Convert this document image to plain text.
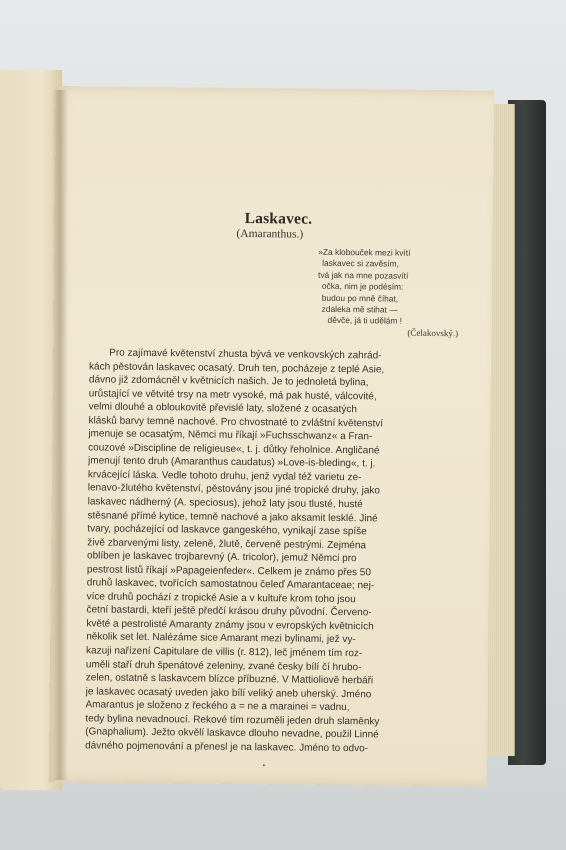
Laskavec.
(Amaranthus.)
»Za klobouček mezi kvítí
laskavec si zavěsím,
tvá jak na mne pozasvítí
očka, nim je podésím:
budou po mně číhat,
zdaleka mě stihat —
děvče, já ti udělám !
(Čelakovský.)
Pro zajímavé květenství zhusta bývá ve venkovských zahrád-
kách pěstován laskavec ocasatý. Druh ten, pocházeje z teplé Asie,
dávno již zdomácněl v květnicích našich. Je to jednoletá bylina,
urůstající ve větvité trsy na metr vysoké, má pak husté, válcovité,
velmi dlouhé a obloukovitě převislé laty, složené z ocasatých
klásků barvy temně nachové. Pro chvostnaté to zvláštní květenství
jmenuje se ocasatým, Němci mu říkají »Fuchsschwanz« a Fran-
couzové »Discipline de religieuse«, t. j. důtky řeholnice. Angličané
jmenují tento druh (Amaranthus caudatus) »Love-is-bleding«, t. j.
krvácející láska. Vedle tohoto druhu, jenž vydal též varietu ze-
lenavo-žlutého květenství, pěstovány jsou jiné tropické druhy, jako
laskavec nádherný (A. speciosus), jehož laty jsou tlusté, husté
stěsnané přímé kytice, temně nachové a jako aksamit lesklé. Jiné
tvary, pocházející od laskavce gangeského, vynikají zase spíše
živě zbarvenými listy, zeleně, žlutě, červeně pestrými. Zejména
oblíben je laskavec trojbarevný (A. tricolor), jemuž Němci pro
pestrost listů říkají »Papageienfeder«. Celkem je známo přes 50
druhů laskavec, tvořících samostatnou čeleď Amarantaceae; nej-
více druhů pochází z tropické Asie a v kultuře krom toho jsou
četní bastardi, kteří ještě předčí krásou druhy původní. Červeno-
květé a pestrolisté Amaranty známy jsou v evropských květnicích
několik set let. Nalézáme sice Amarant mezi bylinami, jež vy-
kazuji nařízení Capitulare de villis (r. 812), leč jménem tím roz-
uměli staří druh špenátové zeleniny, zvané česky bílí čí hrubo-
zelen, ostatně s laskavcem blízce příbuzné. V Mattioliově herbáři
je laskavec ocasatý uveden jako bílí veliký aneb uherský. Jméno
Amarantus je složeno z řeckého a = ne a marainei = vadnu,
tedy bylina nevadnoucí. Rekové tím rozuměli jeden druh slaměnky
(Gnaphalium). Ježto okvělí laskavce dlouho nevadne, použil Linné
dávného pojmenování a přenesl je na laskavec. Jméno to odvo-
